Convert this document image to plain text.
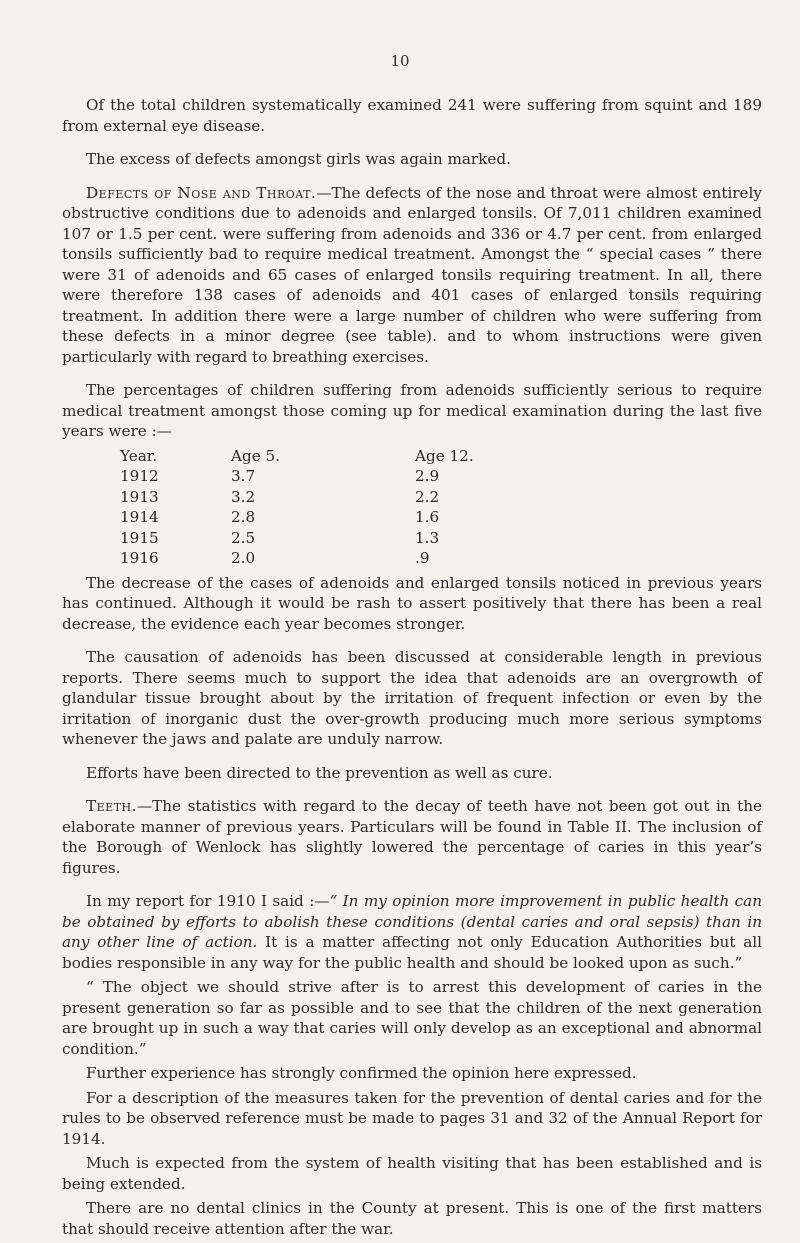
10

Of the total children systematically examined 241 were suffering from squint and 189 from external eye disease.

The excess of defects amongst girls was again marked.

Defects of Nose and Throat.—The defects of the nose and throat were almost entirely obstructive conditions due to adenoids and enlarged tonsils. Of 7,011 children examined 107 or 1.5 per cent. were suffering from adenoids and 336 or 4.7 per cent. from enlarged tonsils sufficiently bad to require medical treatment. Amongst the “ special cases ” there were 31 of adenoids and 65 cases of enlarged tonsils requiring treatment. In all, there were therefore 138 cases of adenoids and 401 cases of enlarged tonsils requiring treatment. In addition there were a large number of children who were suffering from these defects in a minor degree (see table). and to whom instructions were given particularly with regard to breathing exercises.

The percentages of children suffering from adenoids sufficiently serious to require medical treatment amongst those coming up for medical examination during the last five years were :—

Year.	Age 5.	Age 12.
1912	3.7	2.9
1913	3.2	2.2
1914	2.8	1.6
1915	2.5	1.3
1916	2.0	.9

The decrease of the cases of adenoids and enlarged tonsils noticed in previous years has continued. Although it would be rash to assert positively that there has been a real decrease, the evidence each year becomes stronger.

The causation of adenoids has been discussed at considerable length in previous reports. There seems much to support the idea that adenoids are an overgrowth of glandular tissue brought about by the irritation of frequent infection or even by the irritation of inorganic dust the over-growth producing much more serious symptoms whenever the jaws and palate are unduly narrow.

Efforts have been directed to the prevention as well as cure.

Teeth.—The statistics with regard to the decay of teeth have not been got out in the elaborate manner of previous years. Particulars will be found in Table II. The inclusion of the Borough of Wenlock has slightly lowered the percentage of caries in this year’s figures.

In my report for 1910 I said :—“ In my opinion more improvement in public health can be obtained by efforts to abolish these conditions (dental caries and oral sepsis) than in any other line of action. It is a matter affecting not only Education Authorities but all bodies responsible in any way for the public health and should be looked upon as such.”

“ The object we should strive after is to arrest this development of caries in the present generation so far as possible and to see that the children of the next generation are brought up in such a way that caries will only develop as an exceptional and abnormal condition.”

Further experience has strongly confirmed the opinion here expressed.

For a description of the measures taken for the prevention of dental caries and for the rules to be observed reference must be made to pages 31 and 32 of the Annual Report for 1914.

Much is expected from the system of health visiting that has been established and is being extended.

There are no dental clinics in the County at present. This is one of the first matters that should receive attention after the war.
